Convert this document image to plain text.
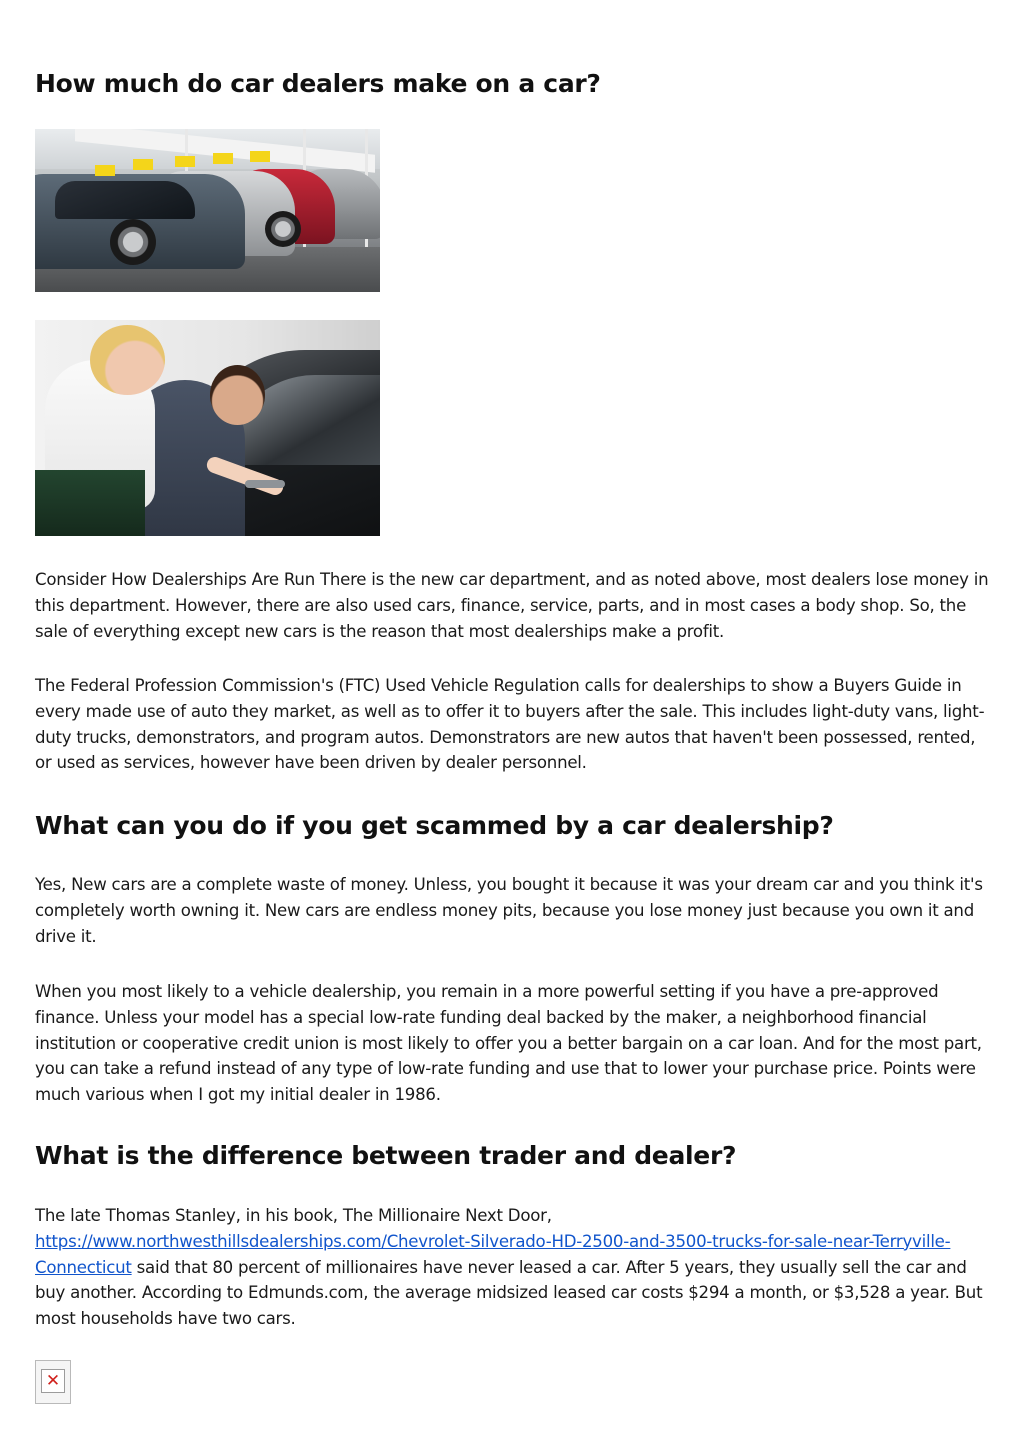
How much do car dealers make on a car?

Consider How Dealerships Are Run There is the new car department, and as noted above, most dealers lose money in this department. However, there are also used cars, finance, service, parts, and in most cases a body shop. So, the sale of everything except new cars is the reason that most dealerships make a profit.

The Federal Profession Commission's (FTC) Used Vehicle Regulation calls for dealerships to show a Buyers Guide in every made use of auto they market, as well as to offer it to buyers after the sale. This includes light-duty vans, light-duty trucks, demonstrators, and program autos. Demonstrators are new autos that haven't been possessed, rented, or used as services, however have been driven by dealer personnel.

What can you do if you get scammed by a car dealership?

Yes, New cars are a complete waste of money. Unless, you bought it because it was your dream car and you think it's completely worth owning it. New cars are endless money pits, because you lose money just because you own it and drive it.

When you most likely to a vehicle dealership, you remain in a more powerful setting if you have a pre-approved finance. Unless your model has a special low-rate funding deal backed by the maker, a neighborhood financial institution or cooperative credit union is most likely to offer you a better bargain on a car loan. And for the most part, you can take a refund instead of any type of low-rate funding and use that to lower your purchase price. Points were much various when I got my initial dealer in 1986.

What is the difference between trader and dealer?

The late Thomas Stanley, in his book, The Millionaire Next Door, https://www.northwesthillsdealerships.com/Chevrolet-Silverado-HD-2500-and-3500-trucks-for-sale-near-Terryville-Connecticut said that 80 percent of millionaires have never leased a car. After 5 years, they usually sell the car and buy another. According to Edmunds.com, the average midsized leased car costs $294 a month, or $3,528 a year. But most households have two cars.

✕
